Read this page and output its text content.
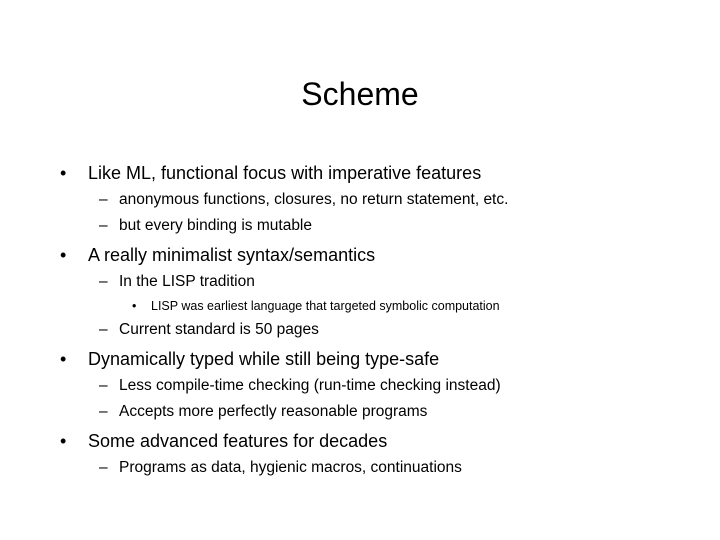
Scheme
• Like ML, functional focus with imperative features
– anonymous functions, closures, no return statement, etc.
– but every binding is mutable
• A really minimalist syntax/semantics
– In the LISP tradition
• LISP was earliest language that targeted symbolic computation
– Current standard is 50 pages
• Dynamically typed while still being type-safe
– Less compile-time checking (run-time checking instead)
– Accepts more perfectly reasonable programs
• Some advanced features for decades
– Programs as data, hygienic macros, continuations
